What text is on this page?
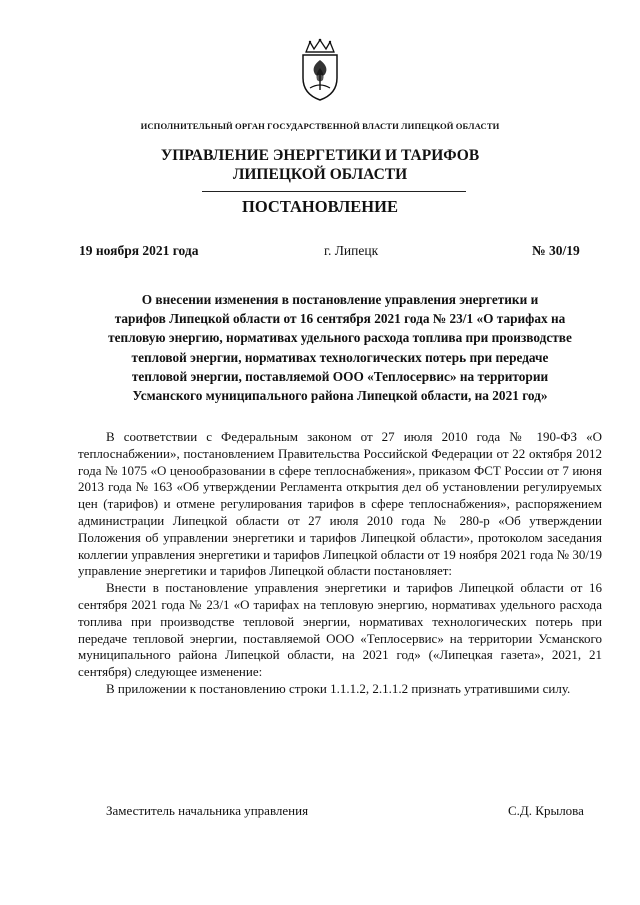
ИСПОЛНИТЕЛЬНЫЙ ОРГАН ГОСУДАРСТВЕННОЙ ВЛАСТИ ЛИПЕЦКОЙ ОБЛАСТИ
УПРАВЛЕНИЕ ЭНЕРГЕТИКИ И ТАРИФОВ
ЛИПЕЦКОЙ ОБЛАСТИ
ПОСТАНОВЛЕНИЕ
19 ноября 2021 года	г. Липецк	№ 30/19
О внесении изменения в постановление управления энергетики и
тарифов Липецкой области от 16 сентября 2021 года № 23/1 «О тарифах на
тепловую энергию, нормативах удельного расхода топлива при производстве
тепловой энергии, нормативах технологических потерь при передаче
тепловой энергии, поставляемой ООО «Теплосервис» на территории
Усманского муниципального района Липецкой области, на 2021 год»

В соответствии с Федеральным законом от 27 июля 2010 года № 190-ФЗ «О теплоснабжении», постановлением Правительства Российской Федерации от 22 октября 2012 года № 1075 «О ценообразовании в сфере теплоснабжения», приказом ФСТ России от 7 июня 2013 года № 163 «Об утверждении Регламента открытия дел об установлении регулируемых цен (тарифов) и отмене регулирования тарифов в сфере теплоснабжения», распоряжением администрации Липецкой области от 27 июля 2010 года № 280-р «Об утверждении Положения об управлении энергетики и тарифов Липецкой области», протоколом заседания коллегии управления энергетики и тарифов Липецкой области от 19 ноября 2021 года № 30/19 управление энергетики и тарифов Липецкой области постановляет:

Внести в постановление управления энергетики и тарифов Липецкой области от 16 сентября 2021 года № 23/1 «О тарифах на тепловую энергию, нормативах удельного расхода топлива при производстве тепловой энергии, нормативах технологических потерь при передаче тепловой энергии, поставляемой ООО «Теплосервис» на территории Усманского муниципального района Липецкой области, на 2021 год» («Липецкая газета», 2021, 21 сентября) следующее изменение:

В приложении к постановлению строки 1.1.1.2, 2.1.1.2 признать утратившими силу.

Заместитель начальника управления	С.Д. Крылова
